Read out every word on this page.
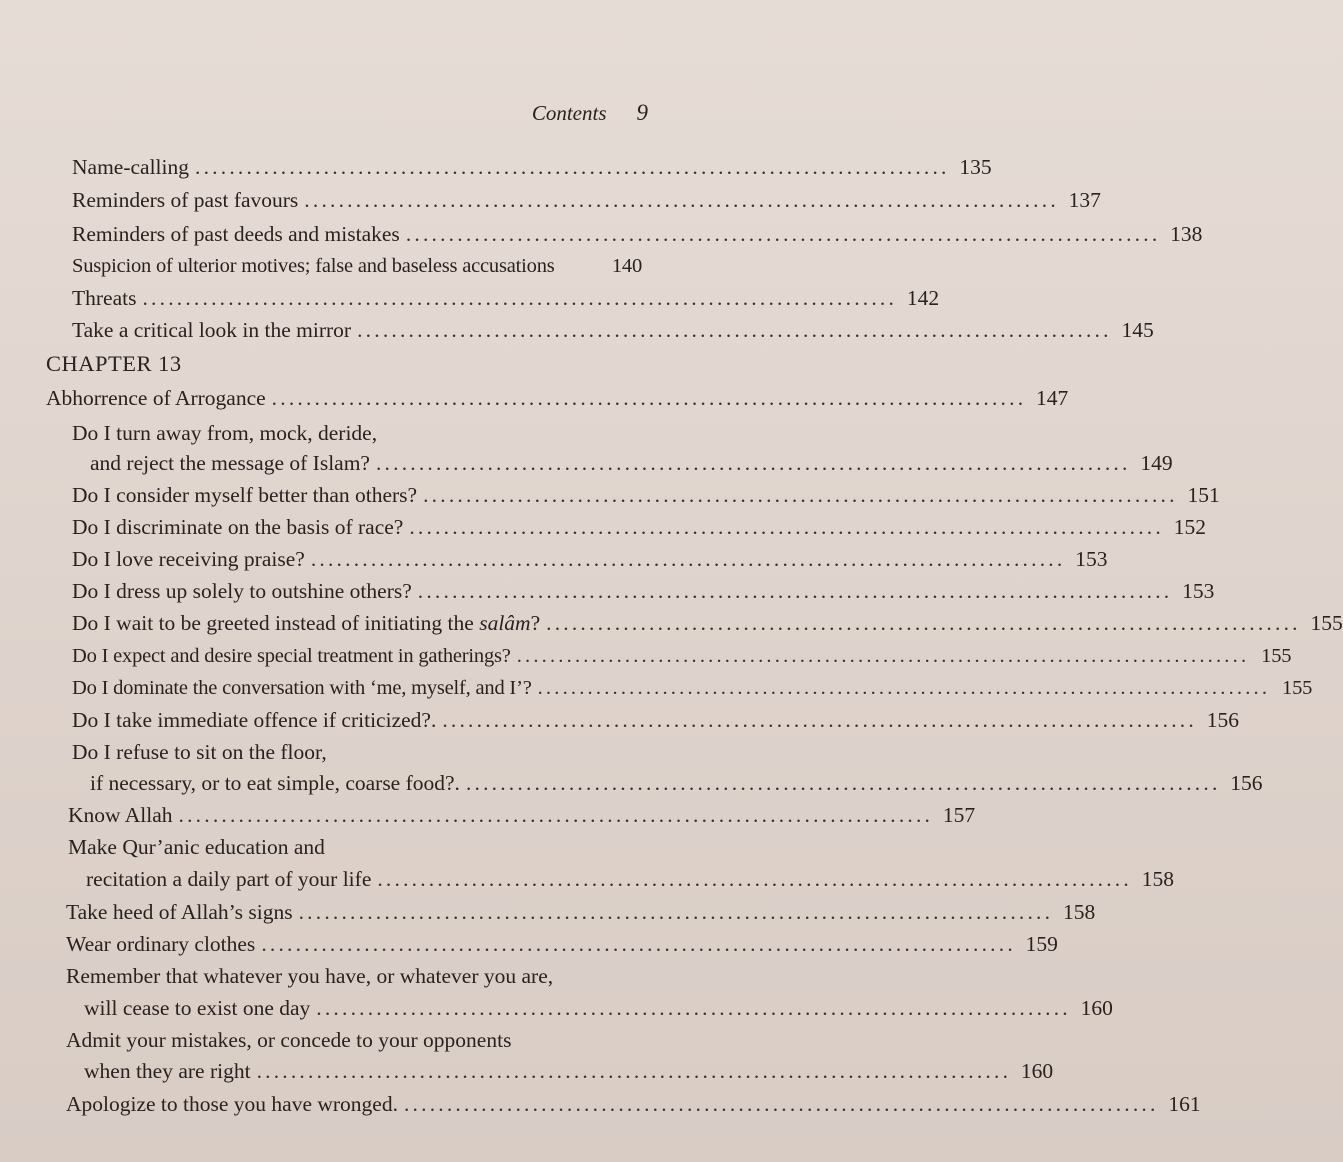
Contents 9
Name-calling ........................................................................................ 135
Reminders of past favours ........................................................................................ 137
Reminders of past deeds and mistakes ........................................................................................ 138
Suspicion of ulterior motives; false and baseless accusations	140
Threats ........................................................................................ 142
Take a critical look in the mirror ........................................................................................ 145
CHAPTER 13
Abhorrence of Arrogance ........................................................................................ 147
Do I turn away from, mock, deride,
and reject the message of Islam? ........................................................................................ 149
Do I consider myself better than others? ........................................................................................ 151
Do I discriminate on the basis of race? ........................................................................................ 152
Do I love receiving praise? ........................................................................................ 153
Do I dress up solely to outshine others? ........................................................................................ 153
Do I wait to be greeted instead of initiating the salâm? ........................................................................................ 155
Do I expect and desire special treatment in gatherings? ........................................................................................ 155
Do I dominate the conversation with ‘me, myself, and I’? ........................................................................................ 155
Do I take immediate offence if criticized?. ........................................................................................ 156
Do I refuse to sit on the floor,
if necessary, or to eat simple, coarse food?. ........................................................................................ 156
Know Allah ........................................................................................ 157
Make Qur’anic education and
recitation a daily part of your life ........................................................................................ 158
Take heed of Allah’s signs ........................................................................................ 158
Wear ordinary clothes ........................................................................................ 159
Remember that whatever you have, or whatever you are,
will cease to exist one day ........................................................................................ 160
Admit your mistakes, or concede to your opponents
when they are right ........................................................................................ 160
Apologize to those you have wronged. ........................................................................................ 161
